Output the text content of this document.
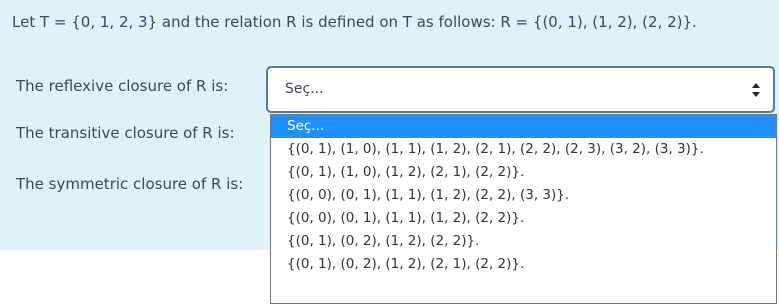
Let T = {0, 1, 2, 3} and the relation R is defined on T as follows: R = {(0, 1), (1, 2), (2, 2)}.
The reflexive closure of R is:
The transitive closure of R is:
The symmetric closure of R is:
Seç...
Seç...
{(0, 1), (1, 0), (1, 1), (1, 2), (2, 1), (2, 2), (2, 3), (3, 2), (3, 3)}.
{(0, 1), (1, 0), (1, 2), (2, 1), (2, 2)}.
{(0, 0), (0, 1), (1, 1), (1, 2), (2, 2), (3, 3)}.
{(0, 0), (0, 1), (1, 1), (1, 2), (2, 2)}.
{(0, 1), (0, 2), (1, 2), (2, 2)}.
{(0, 1), (0, 2), (1, 2), (2, 1), (2, 2)}.
